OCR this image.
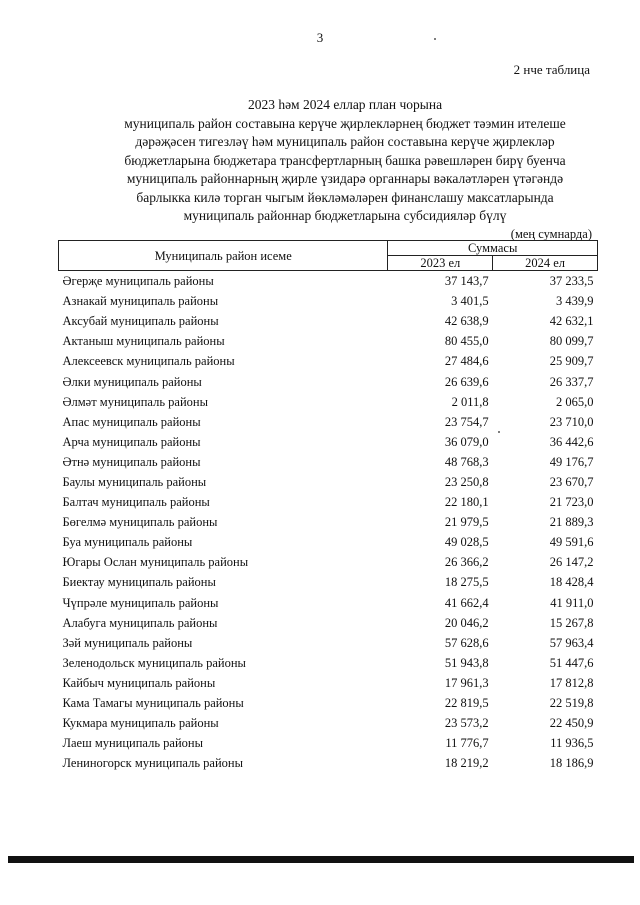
3
2 нче таблица
2023 һәм 2024 еллар план чорына
муниципаль район составына керүче җирлекләрнең бюджет тәэмин ителеше
дәрәҗәсен тигезләү һәм муниципаль район составына керүче җирлекләр
бюджетларына бюджетара трансфертларның башка рәвешләрен бирү буенча
муниципаль районнарның җирле үзидарә органнары вәкаләтләрен үтәгәндә
барлыкка килә торган чыгым йөкләмәләрен финанслашу максатларында
муниципаль районнар бюджетларына субсидияләр бүлү
(мең сумнарда)
Муниципаль район исеме	Суммасы	
	2023 ел	2024 ел
Әгерҗе муниципаль районы	37 143,7	37 233,5
Азнакай муниципаль районы	3 401,5	3 439,9
Аксубай муниципаль районы	42 638,9	42 632,1
Актаныш муниципаль районы	80 455,0	80 099,7
Алексеевск муниципаль районы	27 484,6	25 909,7
Әлки муниципаль районы	26 639,6	26 337,7
Әлмәт муниципаль районы	2 011,8	2 065,0
Апас муниципаль районы	23 754,7	23 710,0
Арча муниципаль районы	36 079,0	36 442,6
Әтнә муниципаль районы	48 768,3	49 176,7
Баулы муниципаль районы	23 250,8	23 670,7
Балтач муниципаль районы	22 180,1	21 723,0
Бөгелмә муниципаль районы	21 979,5	21 889,3
Буа муниципаль районы	49 028,5	49 591,6
Югары Ослан муниципаль районы	26 366,2	26 147,2
Биектау муниципаль районы	18 275,5	18 428,4
Чүпрәле муниципаль районы	41 662,4	41 911,0
Алабуга муниципаль районы	20 046,2	15 267,8
Зәй муниципаль районы	57 628,6	57 963,4
Зеленодольск муниципаль районы	51 943,8	51 447,6
Кайбыч муниципаль районы	17 961,3	17 812,8
Кама Тамагы муниципаль районы	22 819,5	22 519,8
Кукмара муниципаль районы	23 573,2	22 450,9
Лаеш муниципаль районы	11 776,7	11 936,5
Лениногорск муниципаль районы	18 219,2	18 186,9
